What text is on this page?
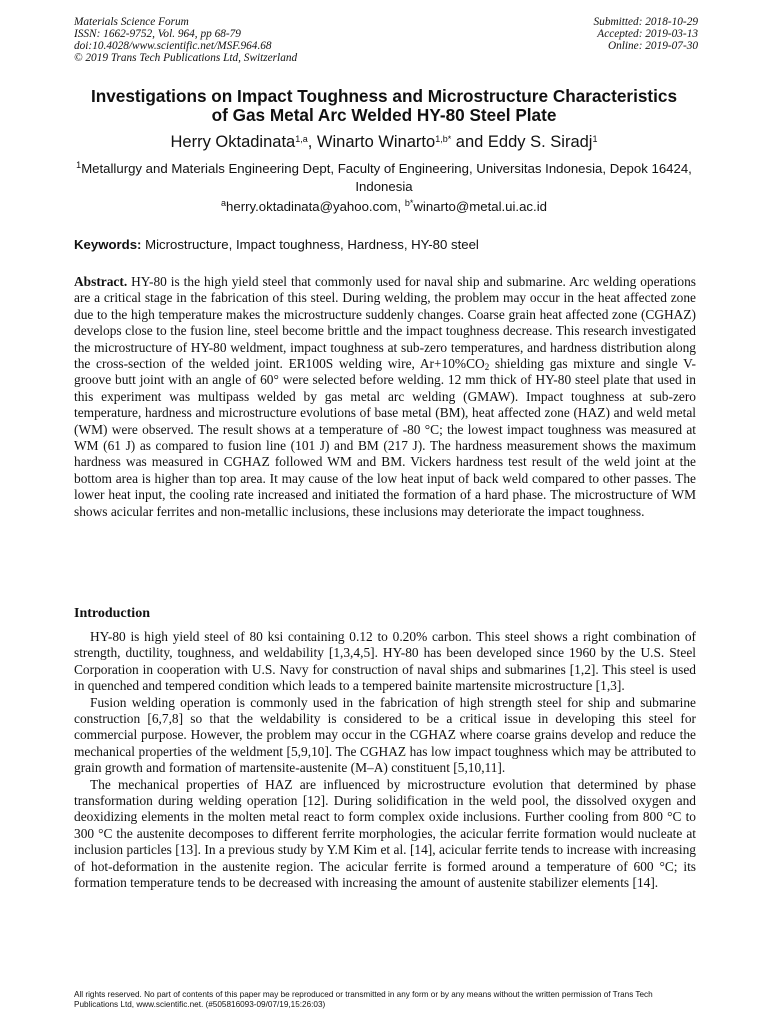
Materials Science Forum
ISSN: 1662-9752, Vol. 964, pp 68-79
doi:10.4028/www.scientific.net/MSF.964.68
© 2019 Trans Tech Publications Ltd, Switzerland
Submitted: 2018-10-29
Accepted: 2019-03-13
Online: 2019-07-30
Investigations on Impact Toughness and Microstructure Characteristics
of Gas Metal Arc Welded HY-80 Steel Plate
Herry Oktadinata$^{1,a}$, Winarto Winarto$^{1,b*}$ and Eddy S. Siradj$^1$
$^1$Metallurgy and Materials Engineering Dept, Faculty of Engineering, Universitas Indonesia, Depok 16424, Indonesia
$^a$herry.oktadinata@yahoo.com, $^{b*}$winarto@metal.ui.ac.id
Keywords: Microstructure, Impact toughness, Hardness, HY-80 steel
Abstract. HY-80 is the high yield steel that commonly used for naval ship and submarine. Arc welding operations are a critical stage in the fabrication of this steel. During welding, the problem may occur in the heat affected zone due to the high temperature makes the microstructure suddenly changes. Coarse grain heat affected zone (CGHAZ) develops close to the fusion line, steel become brittle and the impact toughness decrease. This research investigated the microstructure of HY-80 weldment, impact toughness at sub-zero temperatures, and hardness distribution along the cross-section of the welded joint. ER100S welding wire, $Ar+10\%CO_2$ shielding gas mixture and single V-groove butt joint with an angle of 60° were selected before welding. 12 mm thick of HY-80 steel plate that used in this experiment was multipass welded by gas metal arc welding (GMAW). Impact toughness at sub-zero temperature, hardness and microstructure evolutions of base metal (BM), heat affected zone (HAZ) and weld metal (WM) were observed. The result shows at a temperature of -80 °C; the lowest impact toughness was measured at WM (61 J) as compared to fusion line (101 J) and BM (217 J). The hardness measurement shows the maximum hardness was measured in CGHAZ followed WM and BM. Vickers hardness test result of the weld joint at the bottom area is higher than top area. It may cause of the low heat input of back weld compared to other passes. The lower heat input, the cooling rate increased and initiated the formation of a hard phase. The microstructure of WM shows acicular ferrites and non-metallic inclusions, these inclusions may deteriorate the impact toughness.
Introduction

HY-80 is high yield steel of 80 ksi containing 0.12 to 0.20% carbon. This steel shows a right combination of strength, ductility, toughness, and weldability [1,3,4,5]. HY-80 has been developed since 1960 by the U.S. Steel Corporation in cooperation with U.S. Navy for construction of naval ships and submarines [1,2]. This steel is used in quenched and tempered condition which leads to a tempered bainite martensite microstructure [1,3].

Fusion welding operation is commonly used in the fabrication of high strength steel for ship and submarine construction [6,7,8] so that the weldability is considered to be a critical issue in developing this steel for commercial purpose. However, the problem may occur in the CGHAZ where coarse grains develop and reduce the mechanical properties of the weldment [5,9,10]. The CGHAZ has low impact toughness which may be attributed to grain growth and formation of martensite-austenite (M–A) constituent [5,10,11].

The mechanical properties of HAZ are influenced by microstructure evolution that determined by phase transformation during welding operation [12]. During solidification in the weld pool, the dissolved oxygen and deoxidizing elements in the molten metal react to form complex oxide inclusions. Further cooling from 800 °C to 300 °C the austenite decomposes to different ferrite morphologies, the acicular ferrite formation would nucleate at inclusion particles [13]. In a previous study by Y.M Kim et al. [14], acicular ferrite tends to increase with increasing of hot-deformation in the austenite region. The acicular ferrite is formed around a temperature of 600 °C; its formation temperature tends to be decreased with increasing the amount of austenite stabilizer elements [14].

All rights reserved. No part of contents of this paper may be reproduced or transmitted in any form or by any means without the written permission of Trans Tech Publications Ltd, www.scientific.net. (#505816093-09/07/19,15:26:03)
